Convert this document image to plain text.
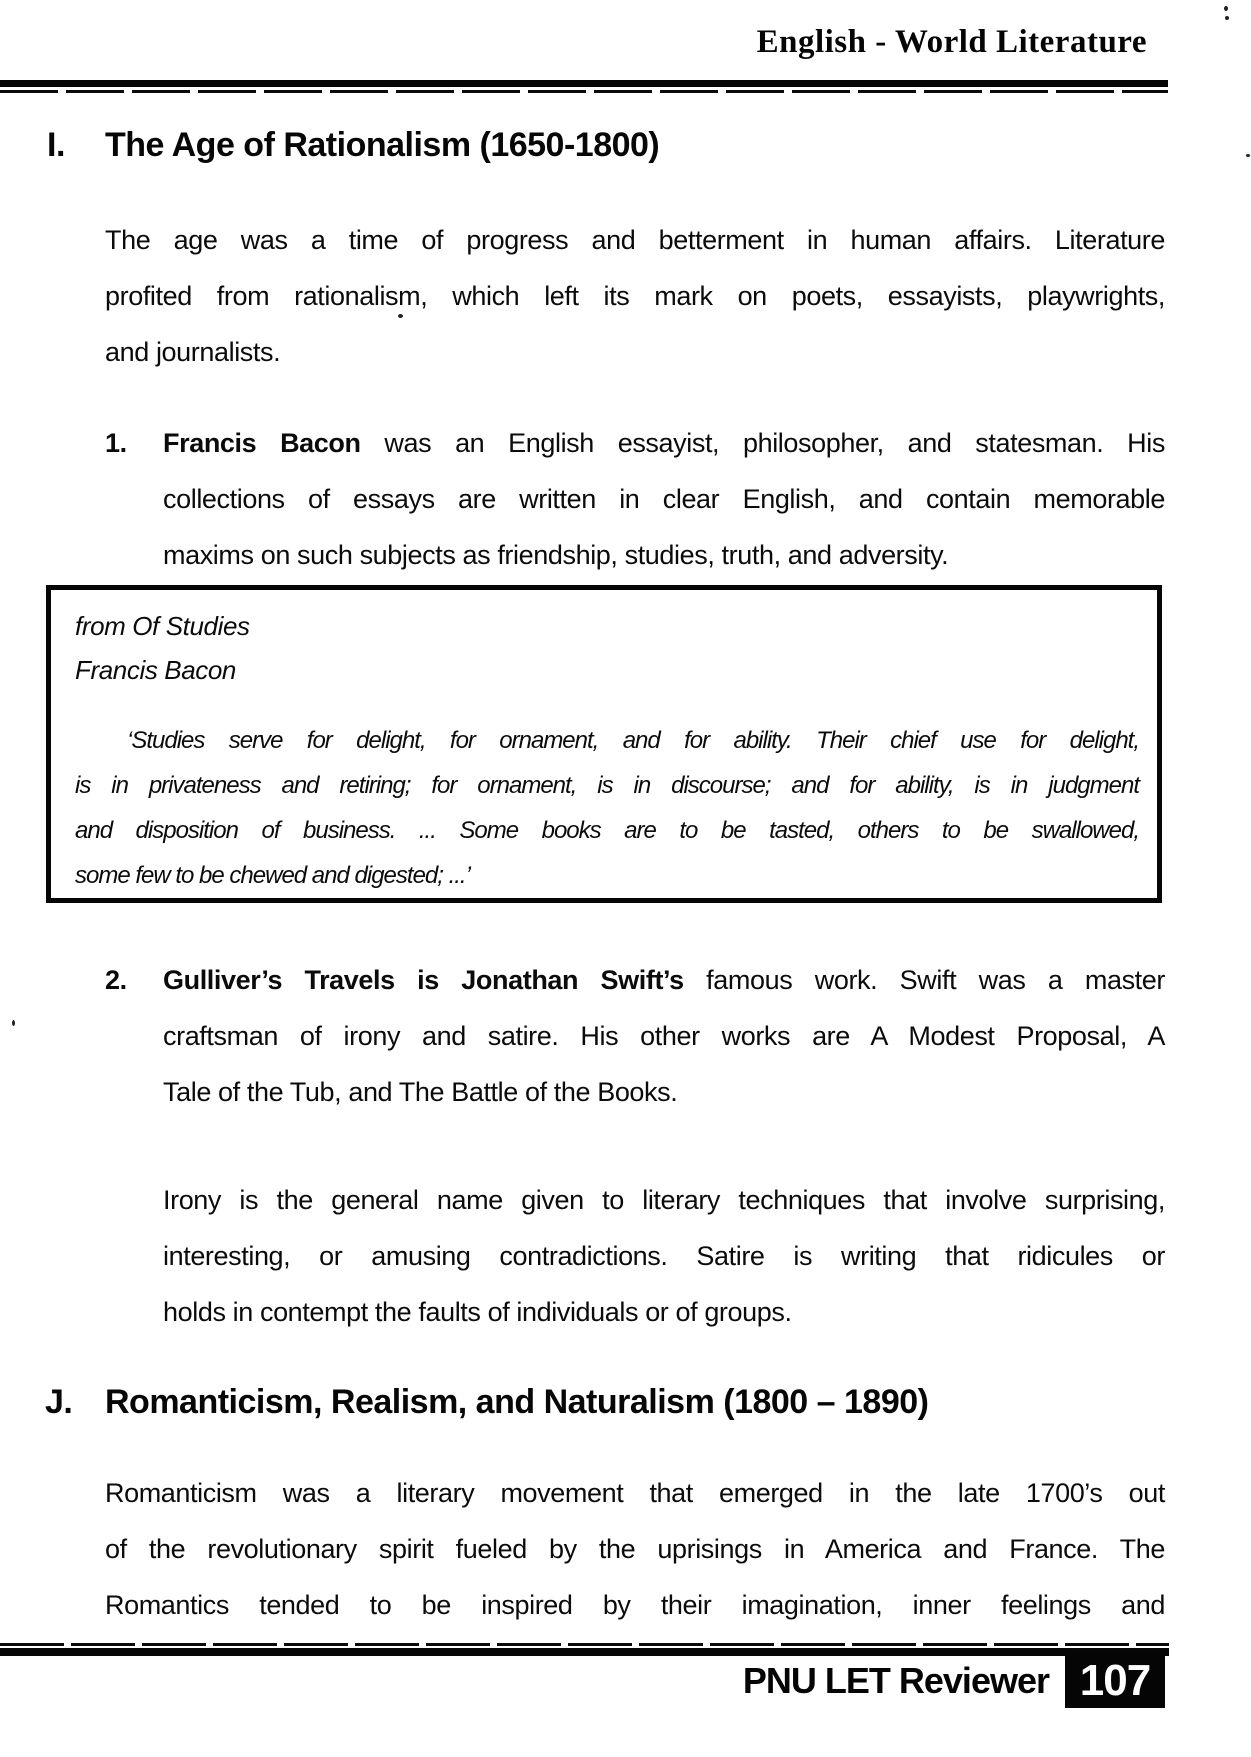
English - World Literature
I.	The Age of Rationalism (1650-1800)
The age was a time of progress and betterment in human affairs. Literature
profited from rationalism, which left its mark on poets, essayists, playwrights,
and journalists.
1.	Francis Bacon was an English essayist, philosopher, and statesman. His
collections of essays are written in clear English, and contain memorable
maxims on such subjects as friendship, studies, truth, and adversity.
from Of Studies
Francis Bacon
‘Studies serve for delight, for ornament, and for ability. Their chief use for delight,
is in privateness and retiring; for ornament, is in discourse; and for ability, is in judgment
and disposition of business. ... Some books are to be tasted, others to be swallowed,
some few to be chewed and digested; ...’
2.	Gulliver’s Travels is Jonathan Swift’s famous work. Swift was a master
craftsman of irony and satire. His other works are A Modest Proposal, A
Tale of the Tub, and The Battle of the Books.
Irony is the general name given to literary techniques that involve surprising,
interesting, or amusing contradictions. Satire is writing that ridicules or
holds in contempt the faults of individuals or of groups.
J. Romanticism, Realism, and Naturalism (1800 – 1890)
Romanticism was a literary movement that emerged in the late 1700’s out
of the revolutionary spirit fueled by the uprisings in America and France. The
Romantics tended to be inspired by their imagination, inner feelings and
PNU LET Reviewer 107
